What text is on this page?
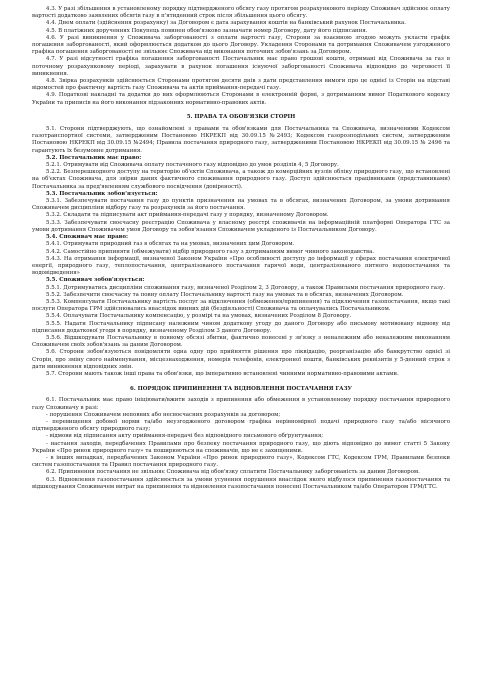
4.3. У разі збільшення в установленому порядку підтвердженого обсягу газу протягом розрахункового періоду Споживач здійснює оплату вартості додатково заявлених обсягів газу в п'ятиденний строк після збільшення цього обсягу.

4.4. Днем оплати (здійснення розрахунку) за Договором є дата зарахування коштів на банківський рахунок Постачальника.

4.5. В платіжних дорученнях Покупець повинен обов'язково зазначати номер Договору, дату його підписання.

4.6. У разі виникнення у Споживача заборгованості з оплати вартості газу, Сторони за взаємною згодою можуть укласти графік погашення заборгованості, який оформлюється додатком до цього Договору. Укладення Сторонами та дотримання Споживачем узгодженого графіка погашення заборгованості не звільняє Споживача від виконання поточних зобов'язань за Договором.

4.7. У разі відсутності графіка погашення заборгованості Постачальник має право грошові кошти, отримані від Споживача за газ в поточному розрахунковому періоді, зарахувати в рахунок погашення існуючої заборгованості Споживача відповідно до черговості її виникнення.

4.8. Звірка розрахунків здійснюється Сторонами протягом десяти днів з дати представлення вимоги про це однієї із Сторін на підставі відомостей про фактичну вартість газу Споживача та актів приймання-передачі газу.

4.9. Податкові накладні та додатки до них оформлюються Сторонами в електронній формі, з дотриманням вимог Податкового кодексу України та приписів на його виконання підзаконних нормативно-правових актів.

5. ПРАВА ТА ОБОВ'ЯЗКИ СТОРІН

5.1. Сторони підтверджують, що ознайомлені з правами та обов'язками для Постачальника та Споживача, визначеними Кодексом газотранспортної системи, затвердженим Постановою НКРЕКП від 30.09.15 №2493; Кодексом газорозподільних систем, затвердженим Постановою НКРЕКП від 30.09.15 №2494; Правила постачання природного газу, затвердженими Постановою НКРЕКП від 30.09.15 № 2496 та гарантують їх безумовне дотримання.

5.2. Постачальник має право:

5.2.1. Отримувати від Споживача оплату постаченого газу відповідно до умов розділів 4, 5 Договору.

5.2.2. Безперешкодного доступу на територію об'єктів Споживача, а також до комерційних вузлів обліку природного газу, що встановлені на об'єктах Споживача, для звірки даних фактичного споживання природного газу. Доступ здійснюється працівниками (представниками) Постачальника за пред'явленням службового посвідчення (довіреності).

5.3. Постачальник зобов'язується:

5.3.1. Забезпечувати постачання газу до пунктів призначення на умовах та в обсягах, визначених Договором, за умови дотримання Споживачем дисципліни відбору газу та розрахунків за його постачання.

5.3.2. Складати та підписувати акт приймання-передачі газу у порядку, визначеному Договором.

5.3.3. Забезпечувати своєчасну реєстрацію Споживача у власному реєстрі споживачів на інформаційній платформі Оператора ГТС за умови дотримання Споживачем умов Договору та зобов'язання Споживачем укладеного із Постачальником Договору.

5.4. Споживач має право:

5.4.1. Отримувати природний газ в обсягах та на умовах, визначених цим Договором.

5.4.2. Самостійно припиняти (обмежувати) відбір природного газу з дотриманням вимог чинного законодавства.

5.4.3. На отримання інформації, визначеної Законом України «Про особливості доступу до інформації у сферах постачання електричної енергії, природного газу, теплопостачання, централізованого постачання гарячої води, централізованого питного водопостачання та водовідведення»

5.5. Споживач зобов'язується:

5.5.1. Дотримуватись дисципліни споживання газу, визначеної Розділом 2, 3 Договору, а також Правилами постачання природного газу.

5.5.2. Забезпечити своєчасну та повну оплату Постачальнику вартості газу на умовах та в обсягах, визначених Договором.

5.5.3. Компенсувати Постачальнику вартість послуг за відключення (обмеження/припинення) та підключення газопостачання, якщо такі послуги Оператора ГРМ здійснювались внаслідок винних дій (бездіяльності) Споживача та оплачувались Постачальником.

5.5.4. Оплачувати Постачальнику компенсацію, у розмірі та на умовах, визначених Розділом 8 Договору.

5.5.5. Надати Постачальнику підписану належним чином додаткову угоду до даного Договору або письмову мотивовану відмову від підписання додаткової угоди в порядку, визначеному Розділом 3 даного Договору.

5.5.6. Відшкодувати Постачальнику в повному обсязі збитки, фактично понесені у зв'язку з неналежним або неналежним виконанням Споживачем своїх зобов'язань за даним Договором.

5.6. Сторони зобов'язуються повідомляти одна одну про прийняття рішення про ліквідацію, реорганізацію або банкрутство однієї зі Сторін, про зміну свого найменування, місцезнаходження, номерів телефонів, електронної пошти, банківських реквізитів у 5-денний строк з дати виникнення відповідних змін.

5.7. Сторони мають також інші права та обов'язки, що імперативно встановлені чинними нормативно-правовими актами.

6. ПОРЯДОК ПРИПИНЕННЯ ТА ВІДНОВЛЕННЯ ПОСТАЧАННЯ ГАЗУ

6.1. Постачальник має право ініціювати/вжити заходів з припинення або обмеження в установленому порядку постачання природного газу Споживачу в разі:

- порушення Споживачем неповних або несвоєчасних розрахунків за договором;

- перевищення добової норми та/або неузгодженого договором графіка нерівномірної подачі природного газу та/або місячного підтвердженого обсягу природного газу;

- відмови від підписання акту приймання-передачі без відповідного письмового обґрунтування;

- настання заходів, передбачених Правилами про безпеку постачання природного газу, що діють відповідно до вимог статті 5 Закону України «Про ринок природного газу» та поширюються на споживачів, що не є захищеними.

- в інших випадках, передбачених Законом України «Про ринок природного газу», Кодексом ГТС, Кодексом ГРМ, Правилами безпеки систем газопостачання та Правил постачання природного газу.

6.2. Припинення постачання не звільняє Споживача від обов'язку сплатити Постачальнику заборгованість за даним Договором.

6.3. Відновлення газопостачання здійснюється за умови усунення порушення внаслідок якого відбулося припинення газопостачання та відшкодування Споживачем витрат на припинення та відновлення газопостачання понесені Постачальником та/або Оператором ГРМ/ГТС.
